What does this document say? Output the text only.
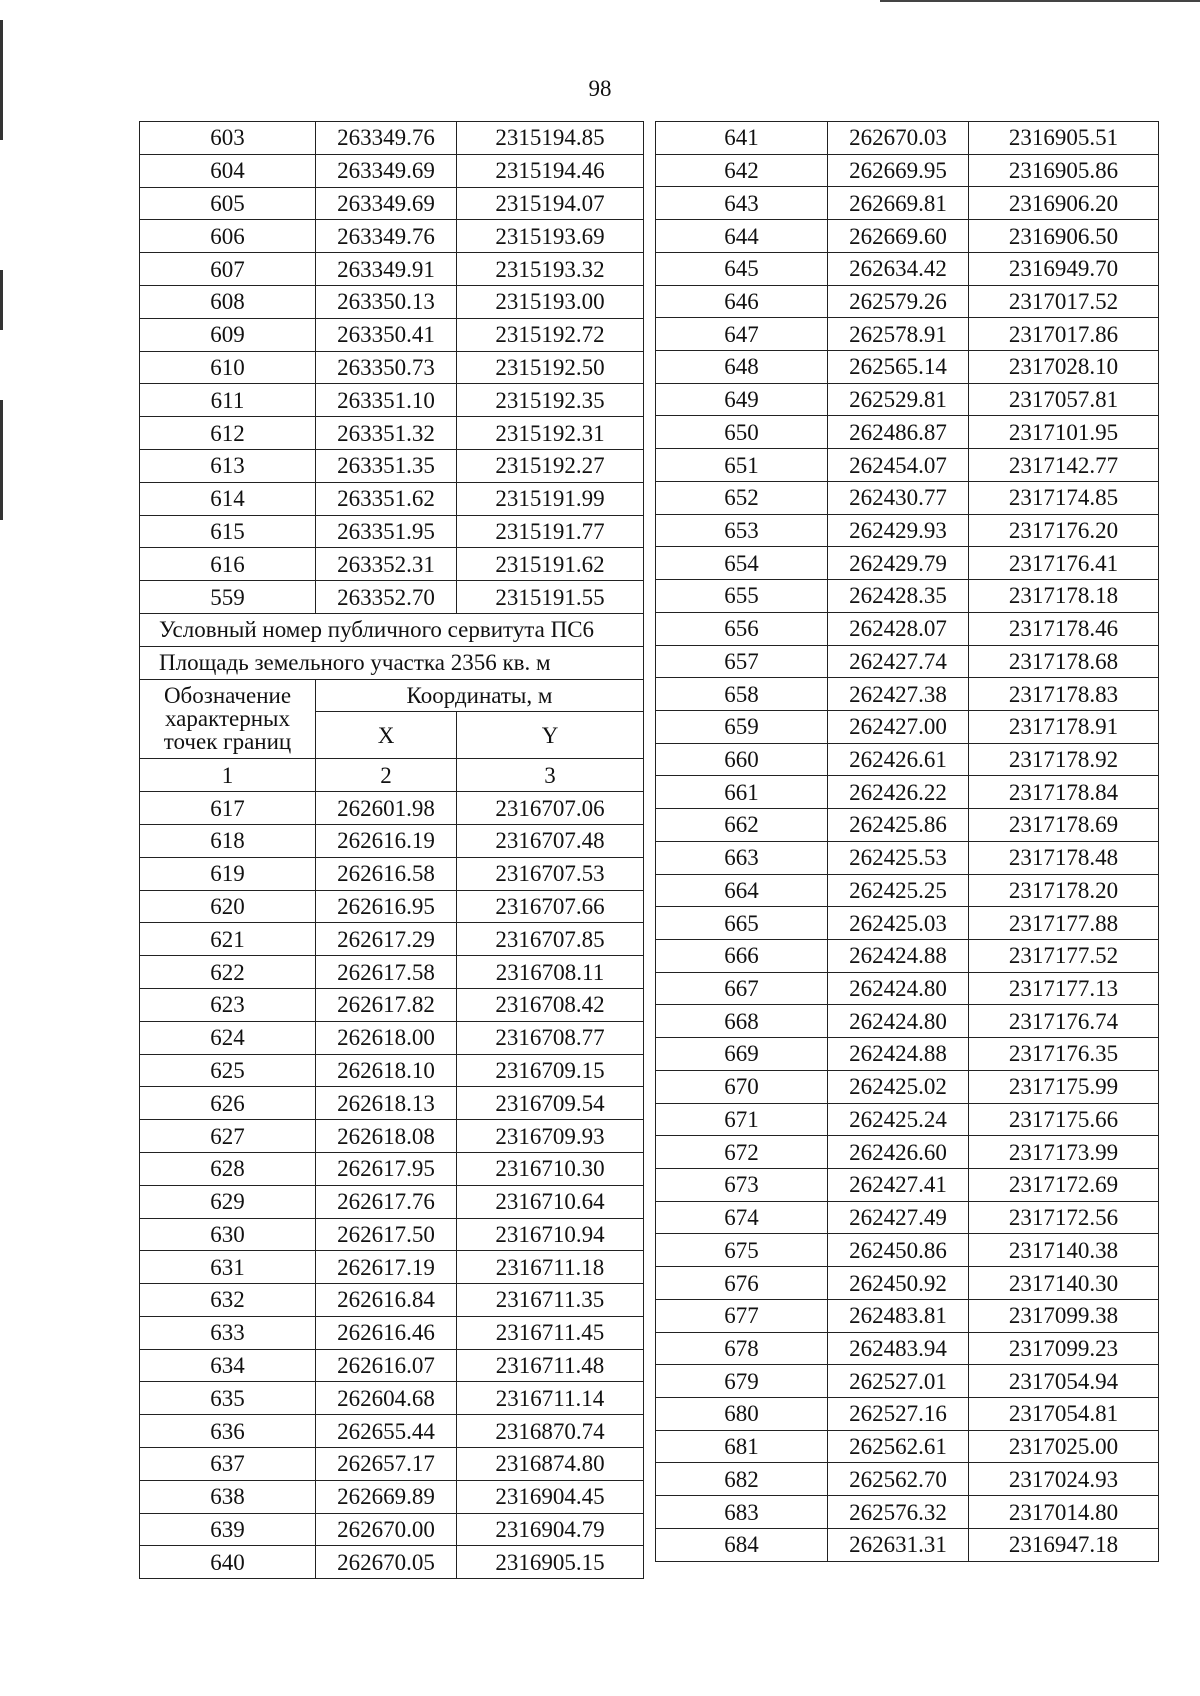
98
603	263349.76	2315194.85
604	263349.69	2315194.46
605	263349.69	2315194.07
606	263349.76	2315193.69
607	263349.91	2315193.32
608	263350.13	2315193.00
609	263350.41	2315192.72
610	263350.73	2315192.50
611	263351.10	2315192.35
612	263351.32	2315192.31
613	263351.35	2315192.27
614	263351.62	2315191.99
615	263351.95	2315191.77
616	263352.31	2315191.62
559	263352.70	2315191.55
Условный номер публичного сервитута ПС6		
Площадь земельного участка 2356 кв. м		
Обозначение характерных точек границ	Координаты, м	
	X	Y
1	2	3
617	262601.98	2316707.06
618	262616.19	2316707.48
619	262616.58	2316707.53
620	262616.95	2316707.66
621	262617.29	2316707.85
622	262617.58	2316708.11
623	262617.82	2316708.42
624	262618.00	2316708.77
625	262618.10	2316709.15
626	262618.13	2316709.54
627	262618.08	2316709.93
628	262617.95	2316710.30
629	262617.76	2316710.64
630	262617.50	2316710.94
631	262617.19	2316711.18
632	262616.84	2316711.35
633	262616.46	2316711.45
634	262616.07	2316711.48
635	262604.68	2316711.14
636	262655.44	2316870.74
637	262657.17	2316874.80
638	262669.89	2316904.45
639	262670.00	2316904.79
640	262670.05	2316905.15
641	262670.03	2316905.51
642	262669.95	2316905.86
643	262669.81	2316906.20
644	262669.60	2316906.50
645	262634.42	2316949.70
646	262579.26	2317017.52
647	262578.91	2317017.86
648	262565.14	2317028.10
649	262529.81	2317057.81
650	262486.87	2317101.95
651	262454.07	2317142.77
652	262430.77	2317174.85
653	262429.93	2317176.20
654	262429.79	2317176.41
655	262428.35	2317178.18
656	262428.07	2317178.46
657	262427.74	2317178.68
658	262427.38	2317178.83
659	262427.00	2317178.91
660	262426.61	2317178.92
661	262426.22	2317178.84
662	262425.86	2317178.69
663	262425.53	2317178.48
664	262425.25	2317178.20
665	262425.03	2317177.88
666	262424.88	2317177.52
667	262424.80	2317177.13
668	262424.80	2317176.74
669	262424.88	2317176.35
670	262425.02	2317175.99
671	262425.24	2317175.66
672	262426.60	2317173.99
673	262427.41	2317172.69
674	262427.49	2317172.56
675	262450.86	2317140.38
676	262450.92	2317140.30
677	262483.81	2317099.38
678	262483.94	2317099.23
679	262527.01	2317054.94
680	262527.16	2317054.81
681	262562.61	2317025.00
682	262562.70	2317024.93
683	262576.32	2317014.80
684	262631.31	2316947.18
